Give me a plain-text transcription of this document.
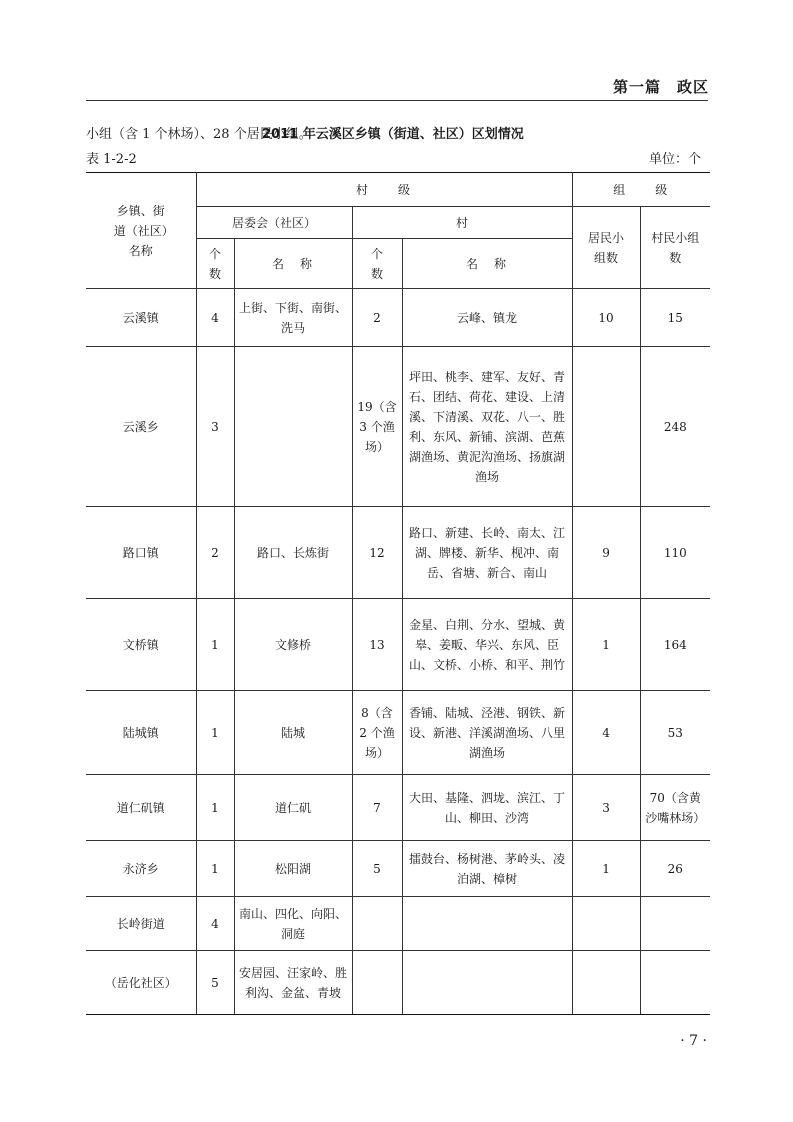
第一篇　政区
小组（含 1 个林场）、28 个居民小组。
2011 年云溪区乡镇（街道、社区）区划情况
表 1-2-2	单位：个
乡镇、街道（社区）名称	村　　级				组　　级	
	居委会（社区）		村		居民小组数	村民小组数
	个数	名　称	个数	名　称		
云溪镇	4	上街、下街、南街、洗马	2	云峰、镇龙	10	15
云溪乡	3		19（含 3 个渔场）	坪田、桃李、建军、友好、青石、团结、荷花、建设、上清溪、下清溪、双花、八一、胜利、东风、新铺、滨湖、芭蕉湖渔场、黄泥沟渔场、扬旗湖渔场		248
路口镇	2	路口、长炼街	12	路口、新建、长岭、南太、江湖、牌楼、新华、枧冲、南岳、省塘、新合、南山	9	110
文桥镇	1	文修桥	13	金星、白荆、分水、望城、黄皋、姜畈、华兴、东风、臣山、文桥、小桥、和平、荆竹	1	164
陆城镇	1	陆城	8（含 2 个渔场）	香铺、陆城、泾港、钢铁、新设、新港、洋溪湖渔场、八里湖渔场	4	53
道仁矶镇	1	道仁矶	7	大田、基隆、泗垅、滨江、丁山、柳田、沙湾	3	70（含黄沙嘴林场）
永济乡	1	松阳湖	5	擂鼓台、杨树港、茅岭头、凌泊湖、樟树	1	26
长岭街道	4	南山、四化、向阳、洞庭				
（岳化社区）	5	安居园、汪家岭、胜利沟、金盆、青坡				
· 7 ·
